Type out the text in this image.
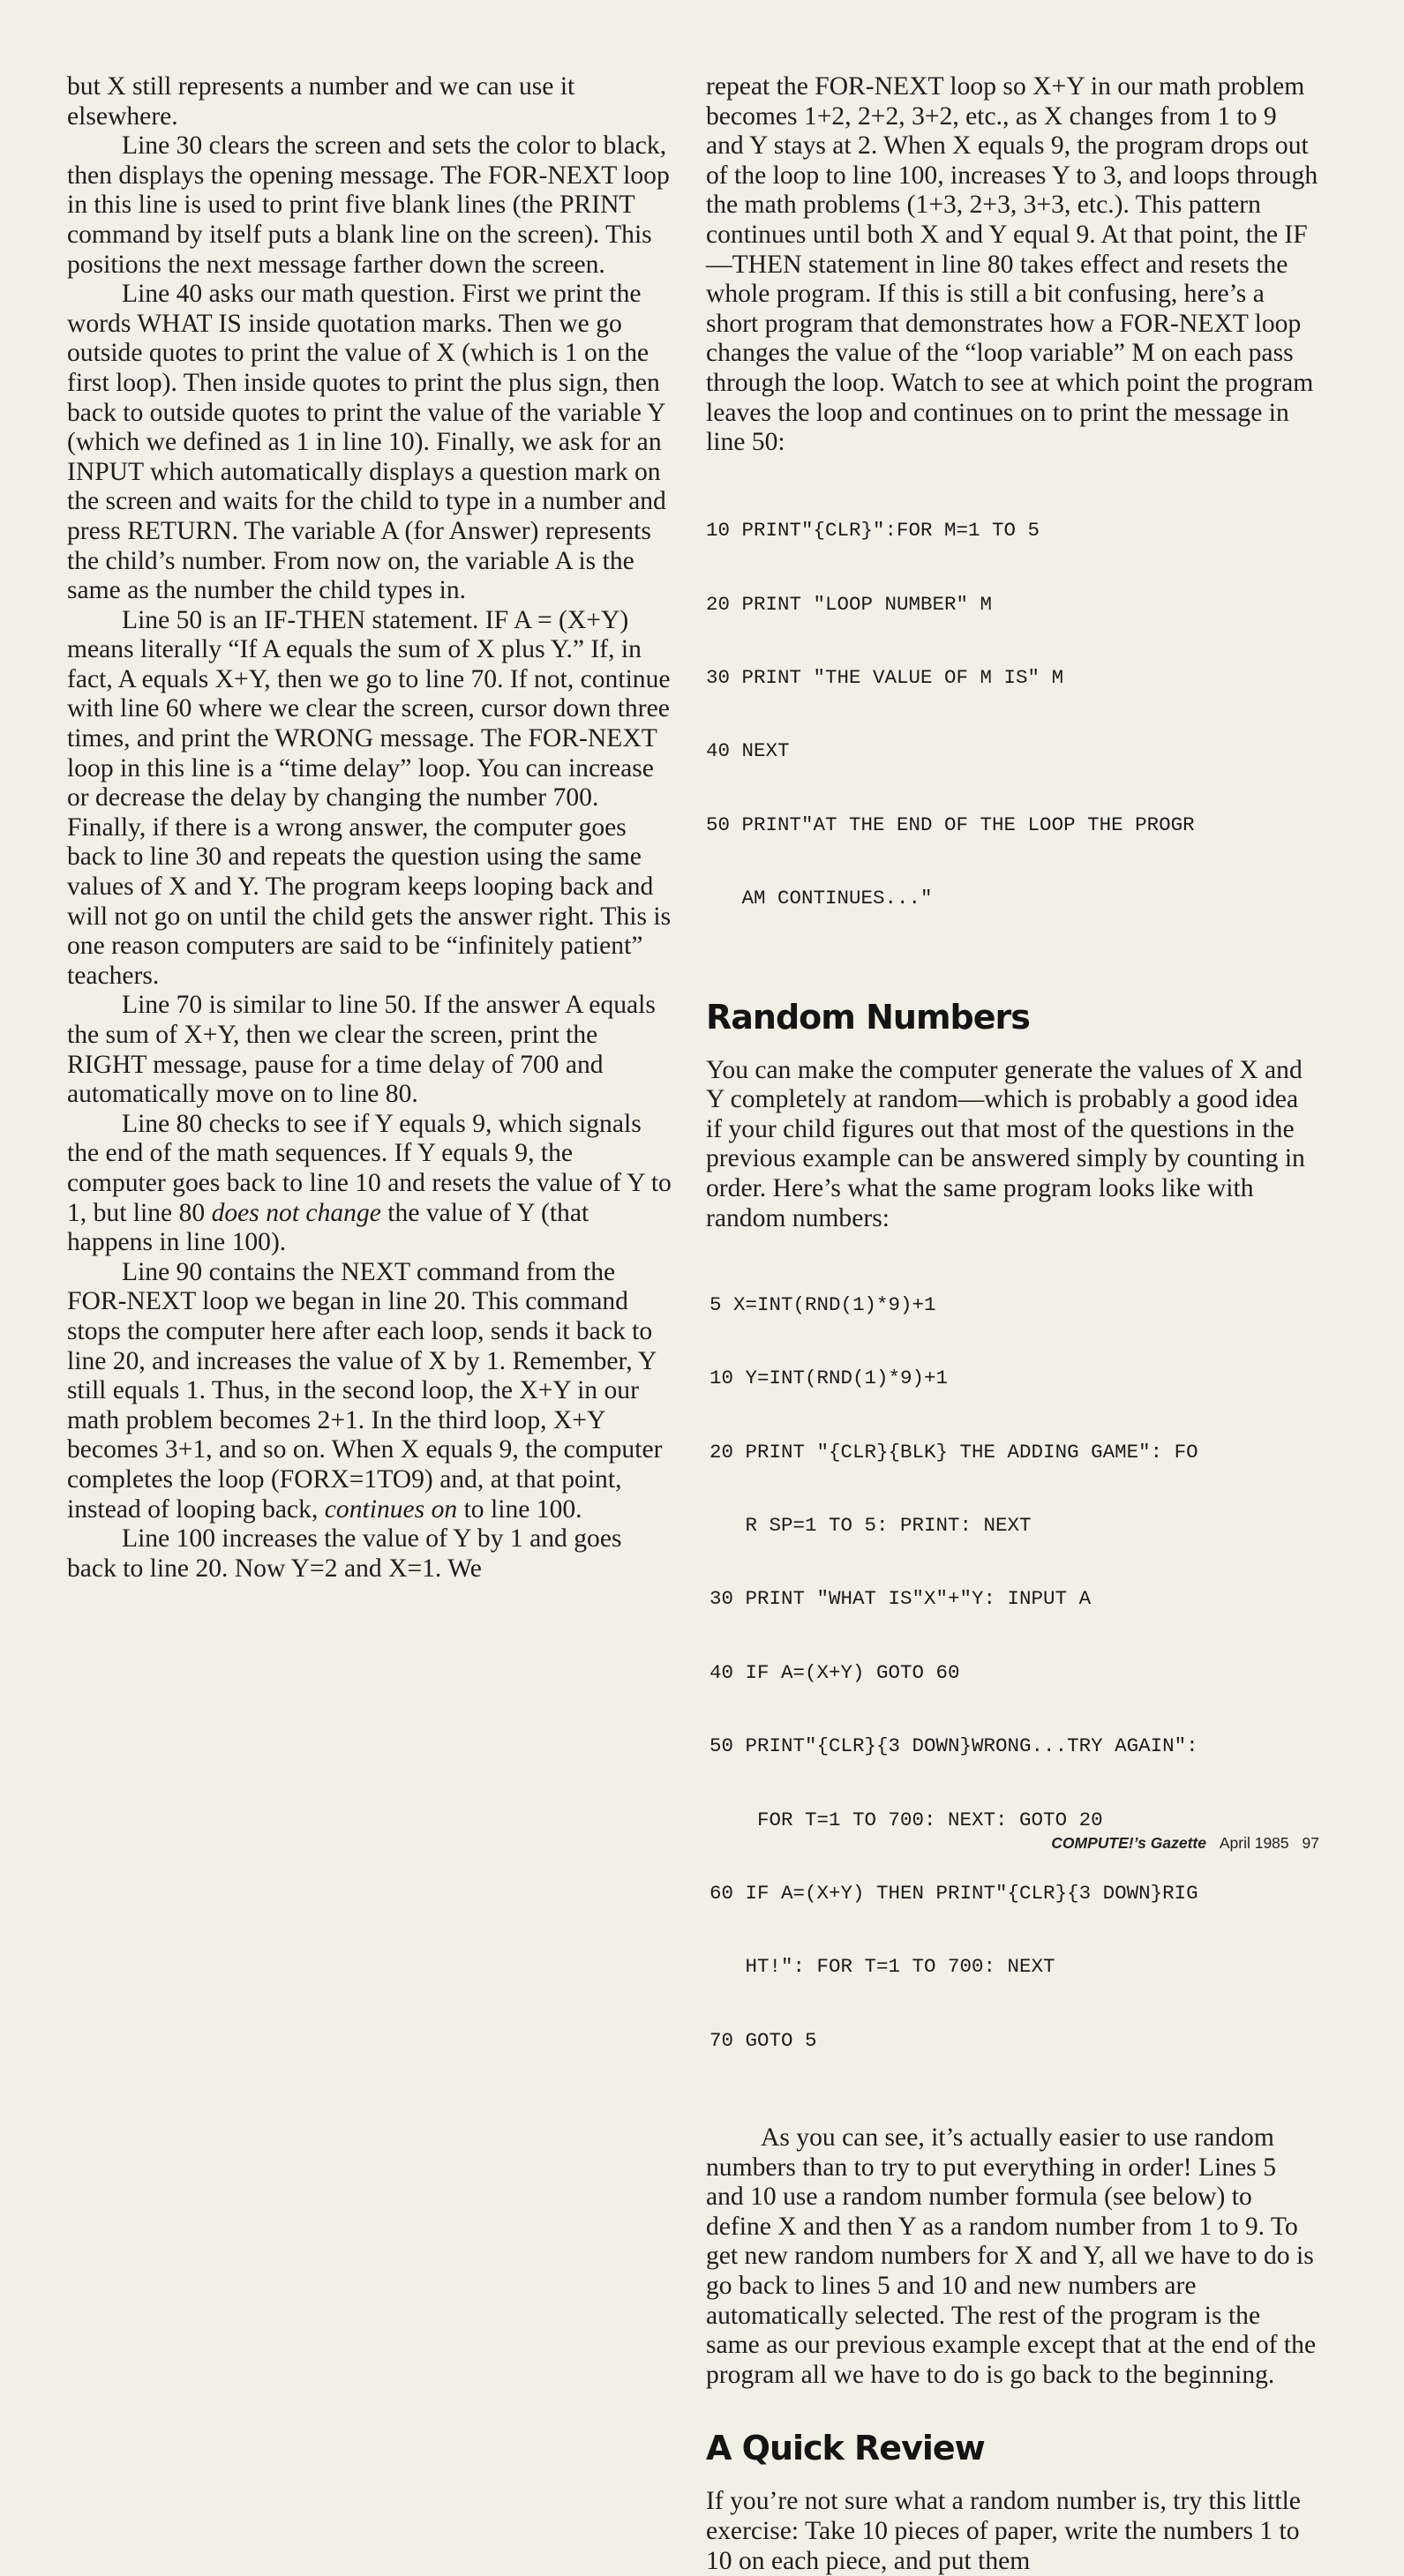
but X still represents a number and we can use it elsewhere.

Line 30 clears the screen and sets the color to black, then displays the opening message. The FOR-NEXT loop in this line is used to print five blank lines (the PRINT command by itself puts a blank line on the screen). This positions the next message farther down the screen.

Line 40 asks our math question. First we print the words WHAT IS inside quotation marks. Then we go outside quotes to print the value of X (which is 1 on the first loop). Then inside quotes to print the plus sign, then back to outside quotes to print the value of the variable Y (which we defined as 1 in line 10). Finally, we ask for an INPUT which automatically displays a question mark on the screen and waits for the child to type in a number and press RETURN. The variable A (for Answer) represents the child’s number. From now on, the variable A is the same as the number the child types in.

Line 50 is an IF-THEN statement. IF A = (X+Y) means literally “If A equals the sum of X plus Y.” If, in fact, A equals X+Y, then we go to line 70. If not, continue with line 60 where we clear the screen, cursor down three times, and print the WRONG message. The FOR-NEXT loop in this line is a “time delay” loop. You can increase or decrease the delay by changing the number 700. Finally, if there is a wrong answer, the computer goes back to line 30 and repeats the question using the same values of X and Y. The program keeps looping back and will not go on until the child gets the answer right. This is one reason computers are said to be “infinitely patient” teachers.

Line 70 is similar to line 50. If the answer A equals the sum of X+Y, then we clear the screen, print the RIGHT message, pause for a time delay of 700 and automatically move on to line 80.

Line 80 checks to see if Y equals 9, which signals the end of the math sequences. If Y equals 9, the computer goes back to line 10 and resets the value of Y to 1, but line 80 does not change the value of Y (that happens in line 100).

Line 90 contains the NEXT command from the FOR-NEXT loop we began in line 20. This command stops the computer here after each loop, sends it back to line 20, and increases the value of X by 1. Remember, Y still equals 1. Thus, in the second loop, the X+Y in our math problem becomes 2+1. In the third loop, X+Y becomes 3+1, and so on. When X equals 9, the computer completes the loop (FORX=1TO9) and, at that point, instead of looping back, continues on to line 100.

Line 100 increases the value of Y by 1 and goes back to line 20. Now Y=2 and X=1. We

repeat the FOR-NEXT loop so X+Y in our math problem becomes 1+2, 2+2, 3+2, etc., as X changes from 1 to 9 and Y stays at 2. When X equals 9, the program drops out of the loop to line 100, increases Y to 3, and loops through the math problems (1+3, 2+3, 3+3, etc.). This pattern continues until both X and Y equal 9. At that point, the IF—THEN statement in line 80 takes effect and resets the whole program. If this is still a bit confusing, here’s a short program that demonstrates how a FOR-NEXT loop changes the value of the “loop variable” M on each pass through the loop. Watch to see at which point the program leaves the loop and continues on to print the message in line 50:

10 PRINT"{CLR}":FOR M=1 TO 5

20 PRINT "LOOP NUMBER" M

30 PRINT "THE VALUE OF M IS" M

40 NEXT

50 PRINT"AT THE END OF THE LOOP THE PROGR

AM CONTINUES..."

Random Numbers

You can make the computer generate the values of X and Y completely at random—which is probably a good idea if your child figures out that most of the questions in the previous example can be answered simply by counting in order. Here’s what the same program looks like with random numbers:

5 X=INT(RND(1)*9)+1

10 Y=INT(RND(1)*9)+1

20 PRINT "{CLR}{BLK} THE ADDING GAME": FO

R SP=1 TO 5: PRINT: NEXT

30 PRINT "WHAT IS"X"+"Y: INPUT A

40 IF A=(X+Y) GOTO 60

50 PRINT"{CLR}{3 DOWN}WRONG...TRY AGAIN":

FOR T=1 TO 700: NEXT: GOTO 20

60 IF A=(X+Y) THEN PRINT"{CLR}{3 DOWN}RIG

HT!": FOR T=1 TO 700: NEXT

70 GOTO 5

As you can see, it’s actually easier to use random numbers than to try to put everything in order! Lines 5 and 10 use a random number formula (see below) to define X and then Y as a random number from 1 to 9. To get new random numbers for X and Y, all we have to do is go back to lines 5 and 10 and new numbers are automatically selected. The rest of the program is the same as our previous example except that at the end of the program all we have to do is go back to the beginning.

A Quick Review

If you’re not sure what a random number is, try this little exercise: Take 10 pieces of paper, write the numbers 1 to 10 on each piece, and put them

COMPUTE!’s Gazette April 1985 97
